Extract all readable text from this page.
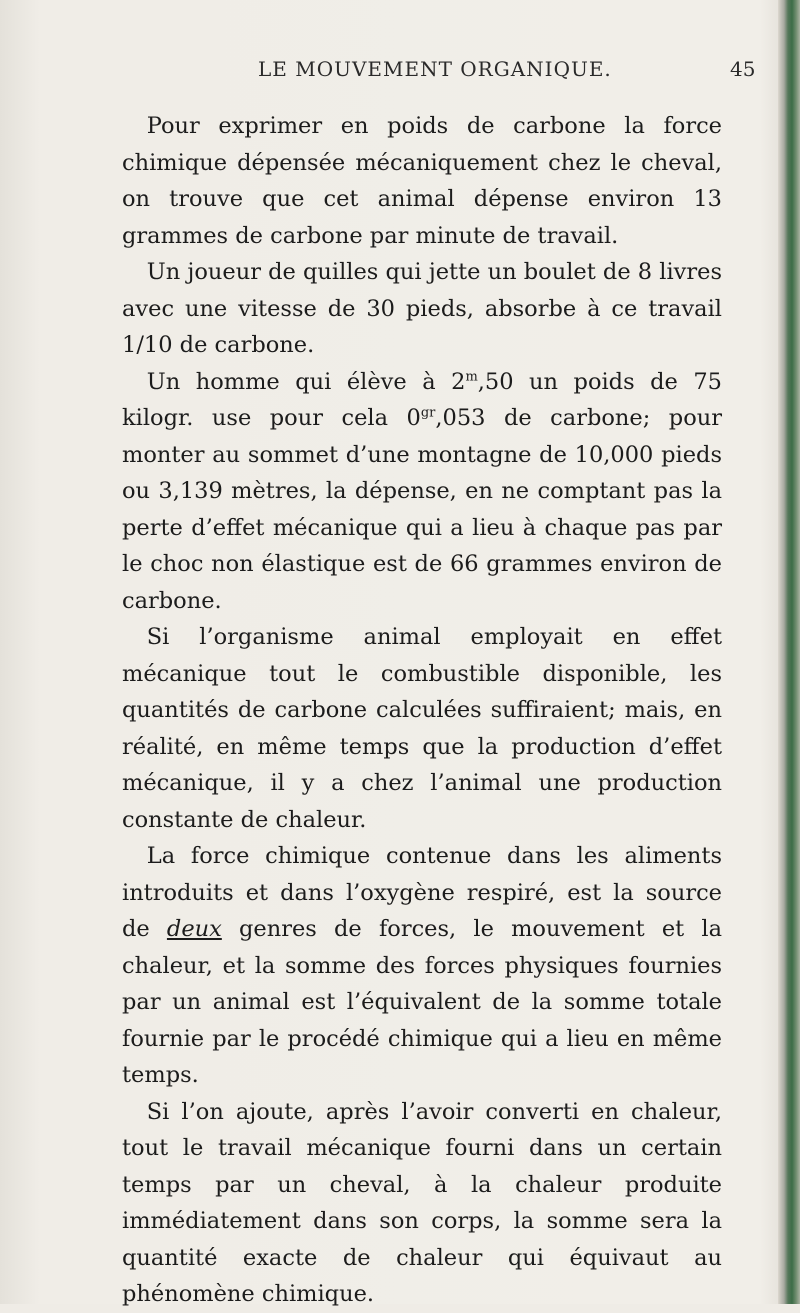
LE MOUVEMENT ORGANIQUE.	45

Pour exprimer en poids de carbone la force chimique dépensée mécaniquement chez le cheval, on trouve que cet animal dépense environ 13 grammes de carbone par minute de travail.

Un joueur de quilles qui jette un boulet de 8 livres avec une vitesse de 30 pieds, absorbe à ce travail 1/10 de carbone.

Un homme qui élève à 2$^m$,50 un poids de 75 kilogr. use pour cela $0^{gr},053$ de carbone; pour monter au sommet d’une montagne de 10,000 pieds ou 3,139 mètres, la dépense, en ne comptant pas la perte d’effet mécanique qui a lieu à chaque pas par le choc non élastique est de 66 grammes environ de carbone.

Si l’organisme animal employait en effet mécanique tout le combustible disponible, les quantités de carbone calculées suffiraient; mais, en réalité, en même temps que la production d’effet mécanique, il y a chez l’animal une production constante de chaleur.

La force chimique contenue dans les aliments introduits et dans l’oxygène respiré, est la source de deux genres de forces, le mouvement et la chaleur, et la somme des forces physiques fournies par un animal est l’équivalent de la somme totale fournie par le procédé chimique qui a lieu en même temps.

Si l’on ajoute, après l’avoir converti en chaleur, tout le travail mécanique fourni dans un certain temps par un cheval, à la chaleur produite immédiatement dans son corps, la somme sera la quantité exacte de chaleur qui équivaut au phénomène chimique.
